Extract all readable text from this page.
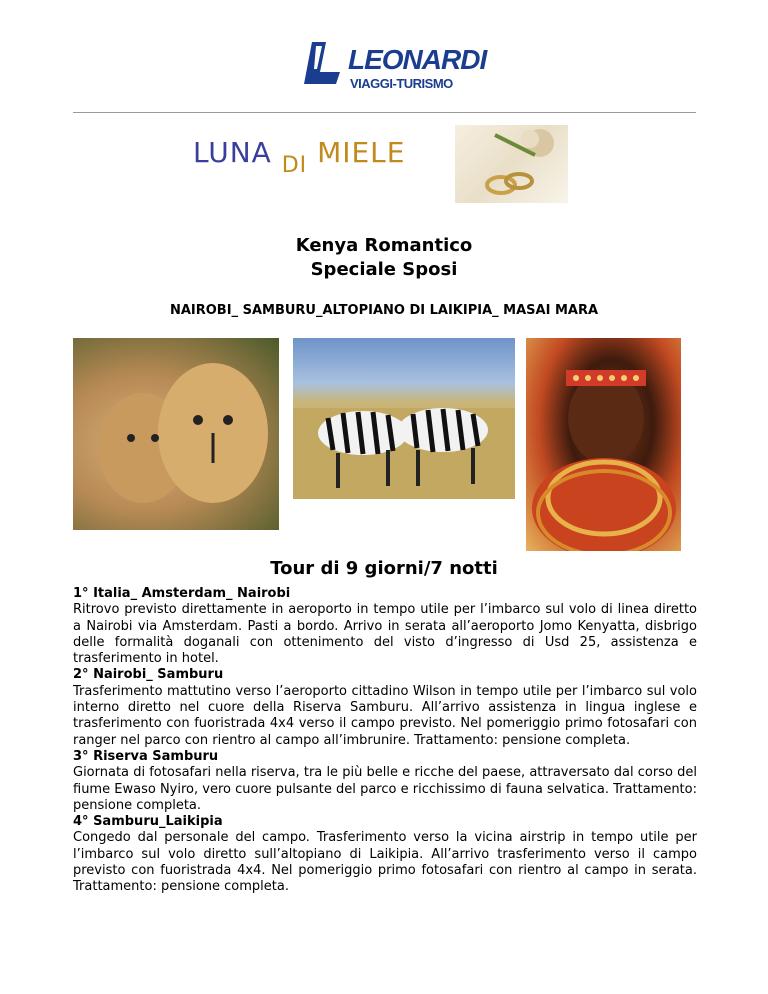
LEONARDI
VIAGGI-TURISMO
LUNA $_{DI}$ MIELE
Kenya Romantico
Speciale Sposi
NAIROBI_ SAMBURU_ALTOPIANO DI LAIKIPIA_ MASAI MARA
Tour di 9 giorni/7 notti
1° Italia_ Amsterdam_ Nairobi
Ritrovo previsto direttamente in aeroporto in tempo utile per l’imbarco sul volo di linea diretto a Nairobi via Amsterdam. Pasti a bordo. Arrivo in serata all’aeroporto Jomo Kenyatta, disbrigo delle formalità doganali con ottenimento del visto d’ingresso di Usd 25, assistenza e trasferimento in hotel.
2° Nairobi_ Samburu
Trasferimento mattutino verso l’aeroporto cittadino Wilson in tempo utile per l’imbarco sul volo interno diretto nel cuore della Riserva Samburu. All’arrivo assistenza in lingua inglese e trasferimento con fuoristrada 4x4 verso il campo previsto. Nel pomeriggio primo fotosafari con ranger nel parco con rientro al campo all’imbrunire. Trattamento: pensione completa.
3° Riserva Samburu
Giornata di fotosafari nella riserva, tra le più belle e ricche del paese, attraversato dal corso del fiume Ewaso Nyiro, vero cuore pulsante del parco e ricchissimo di fauna selvatica. Trattamento: pensione completa.
4° Samburu_Laikipia
Congedo dal personale del campo. Trasferimento verso la vicina airstrip in tempo utile per l’imbarco sul volo diretto sull’altopiano di Laikipia. All’arrivo trasferimento verso il campo previsto con fuoristrada 4x4. Nel pomeriggio primo fotosafari con rientro al campo in serata. Trattamento: pensione completa.
